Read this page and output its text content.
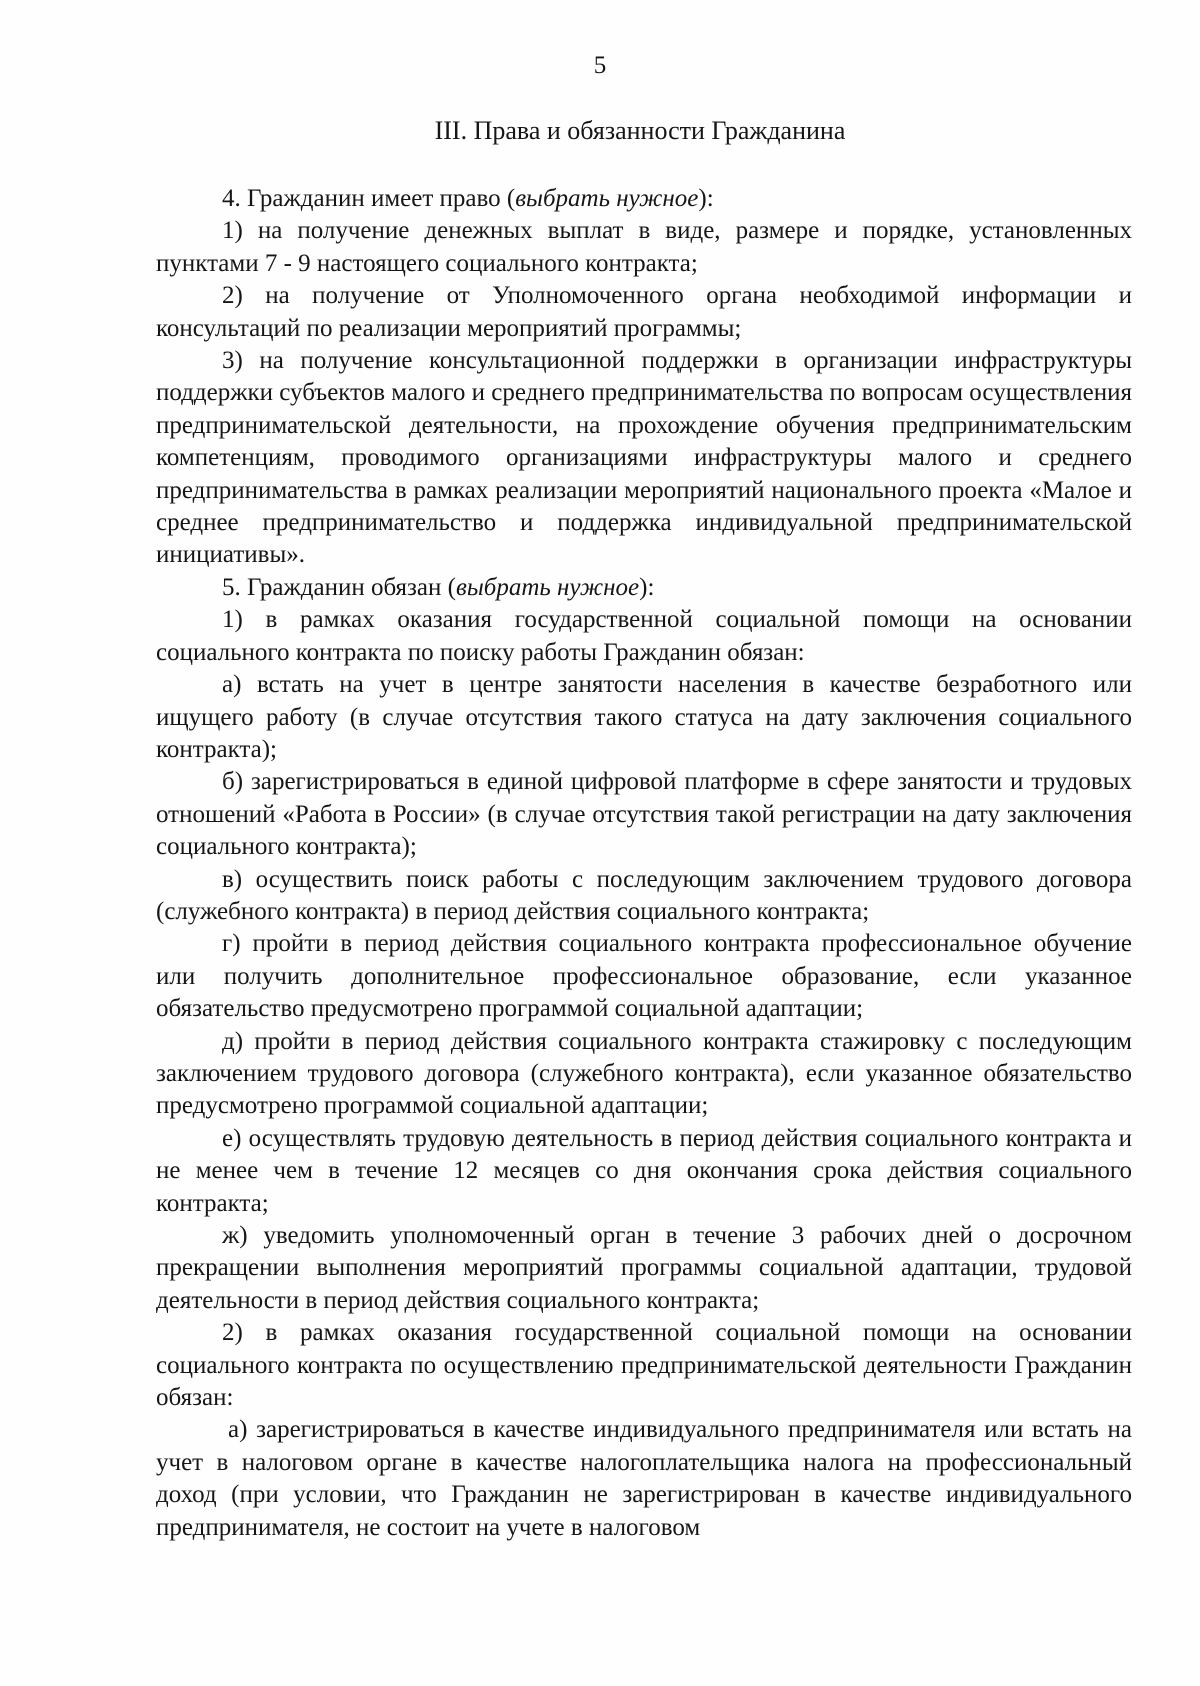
5
III. Права и обязанности Гражданина

4. Гражданин имеет право (выбрать нужное):

1) на получение денежных выплат в виде, размере и порядке, установленных пунктами 7 - 9 настоящего социального контракта;

2) на получение от Уполномоченного органа необходимой информации и консультаций по реализации мероприятий программы;

3) на получение консультационной поддержки в организации инфраструктуры поддержки субъектов малого и среднего предпринимательства по вопросам осуществления предпринимательской деятельности, на прохождение обучения предпринимательским компетенциям, проводимого организациями инфраструктуры малого и среднего предпринимательства в рамках реализации мероприятий национального проекта «Малое и среднее предпринимательство и поддержка индивидуальной предпринимательской инициативы».

5. Гражданин обязан (выбрать нужное):

1) в рамках оказания государственной социальной помощи на основании социального контракта по поиску работы Гражданин обязан:

а) встать на учет в центре занятости населения в качестве безработного или ищущего работу (в случае отсутствия такого статуса на дату заключения социального контракта);

б) зарегистрироваться в единой цифровой платформе в сфере занятости и трудовых отношений «Работа в России» (в случае отсутствия такой регистрации на дату заключения социального контракта);

в) осуществить поиск работы с последующим заключением трудового договора (служебного контракта) в период действия социального контракта;

г) пройти в период действия социального контракта профессиональное обучение или получить дополнительное профессиональное образование, если указанное обязательство предусмотрено программой социальной адаптации;

д) пройти в период действия социального контракта стажировку с последующим заключением трудового договора (служебного контракта), если указанное обязательство предусмотрено программой социальной адаптации;

е) осуществлять трудовую деятельность в период действия социального контракта и не менее чем в течение 12 месяцев со дня окончания срока действия социального контракта;

ж) уведомить уполномоченный орган в течение 3 рабочих дней о досрочном прекращении выполнения мероприятий программы социальной адаптации, трудовой деятельности в период действия социального контракта;

2) в рамках оказания государственной социальной помощи на основании социального контракта по осуществлению предпринимательской деятельности Гражданин обязан:

а) зарегистрироваться в качестве индивидуального предпринимателя или встать на учет в налоговом органе в качестве налогоплательщика налога на профессиональный доход (при условии, что Гражданин не зарегистрирован в качестве индивидуального предпринимателя, не состоит на учете в налоговом
